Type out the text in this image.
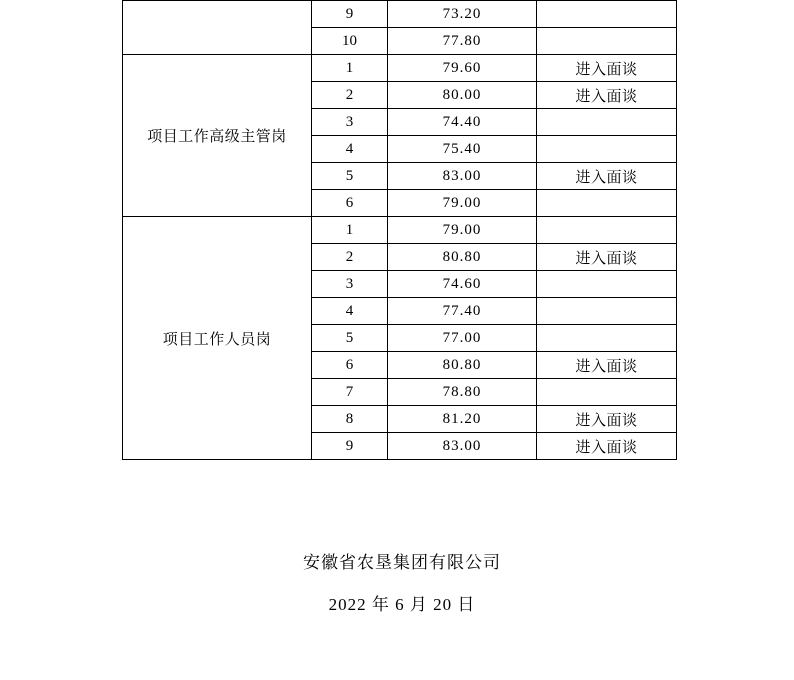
	9	73.20	
	10	77.80	
项目工作高级主管岗	1	79.60	进入面谈
	2	80.00	进入面谈
	3	74.40	
	4	75.40	
	5	83.00	进入面谈
	6	79.00	
项目工作人员岗	1	79.00	
	2	80.80	进入面谈
	3	74.60	
	4	77.40	
	5	77.00	
	6	80.80	进入面谈
	7	78.80	
	8	81.20	进入面谈
	9	83.00	进入面谈
安徽省农垦集团有限公司
2022 年 6 月 20 日
